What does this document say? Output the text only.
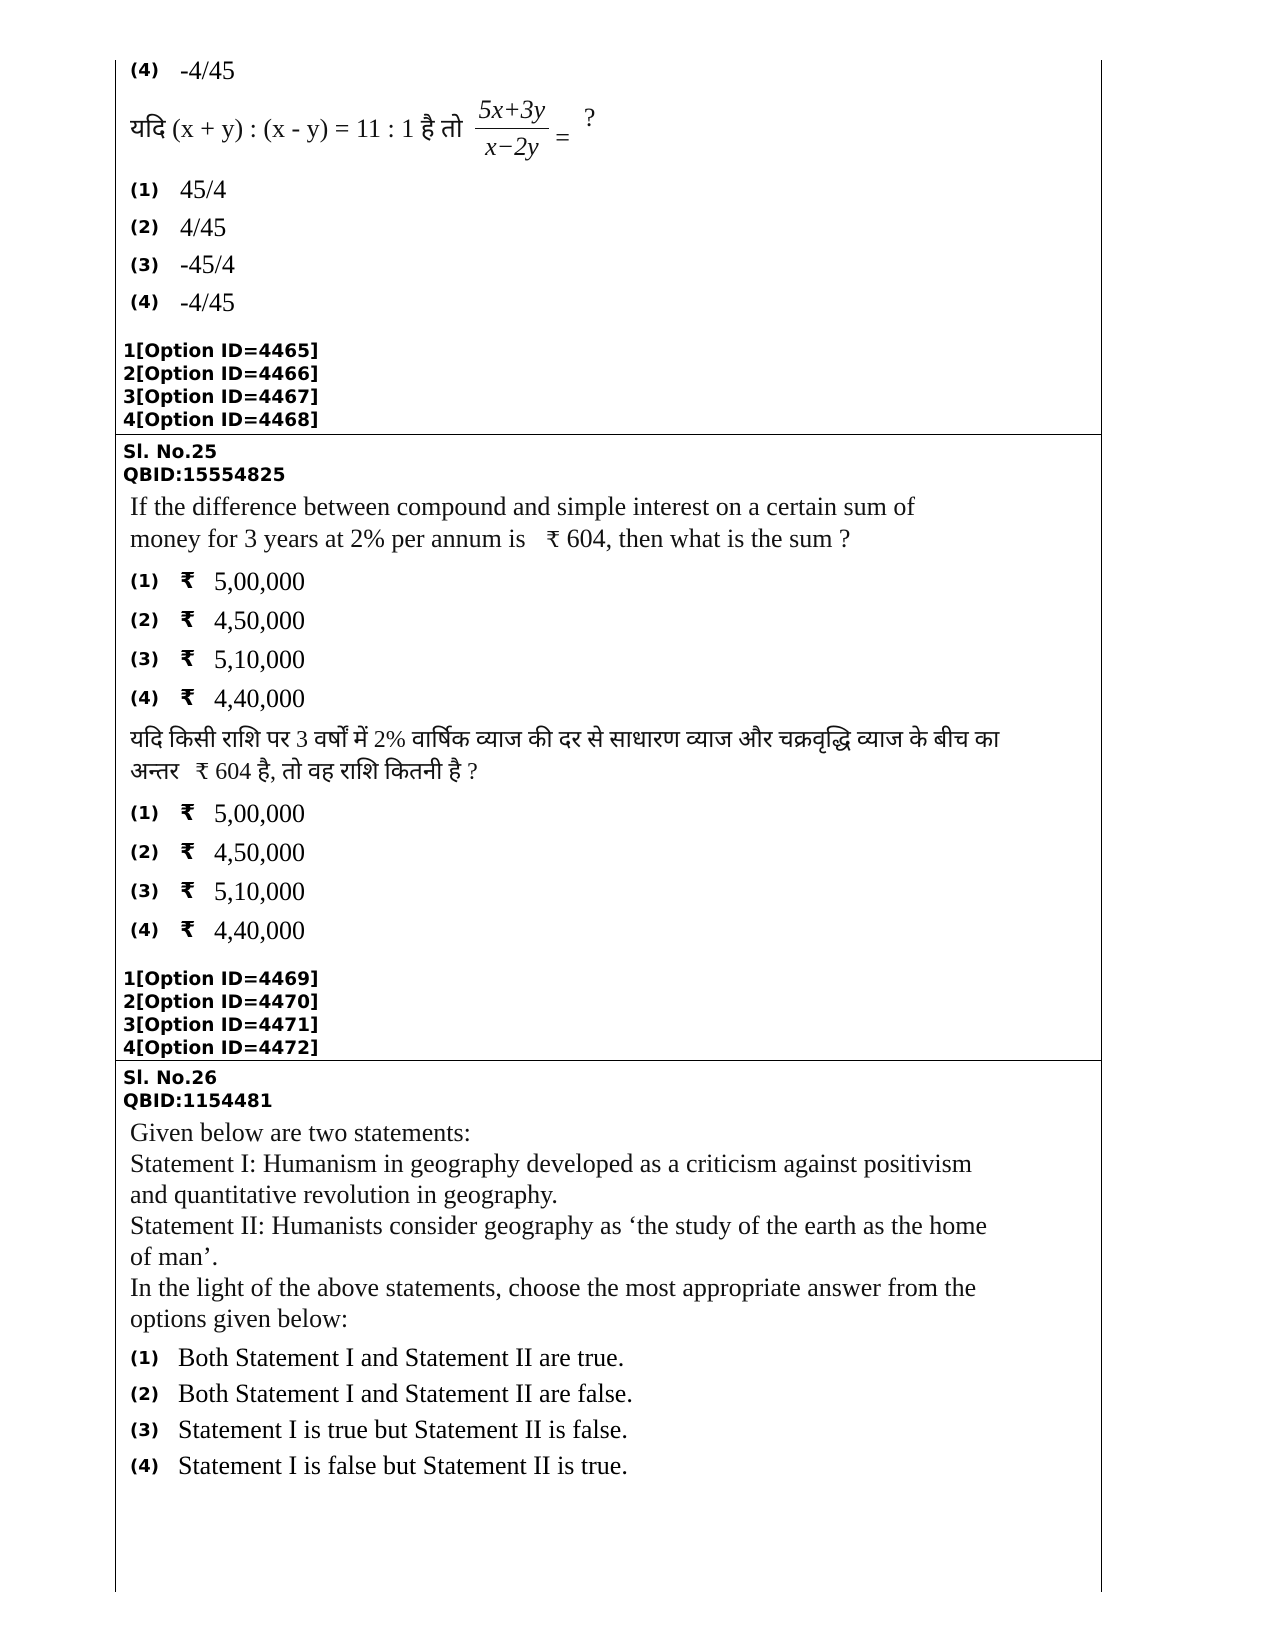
(4) -4/45
यदि (x + y) : (x - y) = 11 : 1 है तो $\frac{5x+3y}{x-2y}$ =
?
(1) 45/4
(2) 4/45
(3) -45/4
(4) -4/45
1[Option ID=4465]
2[Option ID=4466]
3[Option ID=4467]
4[Option ID=4468]
Sl. No.25
QBID:15554825
If the difference between compound and simple interest on a certain sum of
money for 3 years at 2% per annum is ₹ 604, then what is the sum ?
(1) ₹ 5,00,000
(2) ₹ 4,50,000
(3) ₹ 5,10,000
(4) ₹ 4,40,000
यदि किसी राशि पर 3 वर्षों में 2% वार्षिक व्याज की दर से साधारण व्याज और चक्रवृद्धि व्याज के बीच का
अन्तर ₹ 604 है, तो वह राशि कितनी है ?
(1) ₹ 5,00,000
(2) ₹ 4,50,000
(3) ₹ 5,10,000
(4) ₹ 4,40,000
1[Option ID=4469]
2[Option ID=4470]
3[Option ID=4471]
4[Option ID=4472]
Sl. No.26
QBID:1154481
Given below are two statements:
Statement I: Humanism in geography developed as a criticism against positivism
and quantitative revolution in geography.
Statement II: Humanists consider geography as ‘the study of the earth as the home
of man’.
In the light of the above statements, choose the most appropriate answer from the
options given below:
(1) Both Statement I and Statement II are true.
(2) Both Statement I and Statement II are false.
(3) Statement I is true but Statement II is false.
(4) Statement I is false but Statement II is true.
